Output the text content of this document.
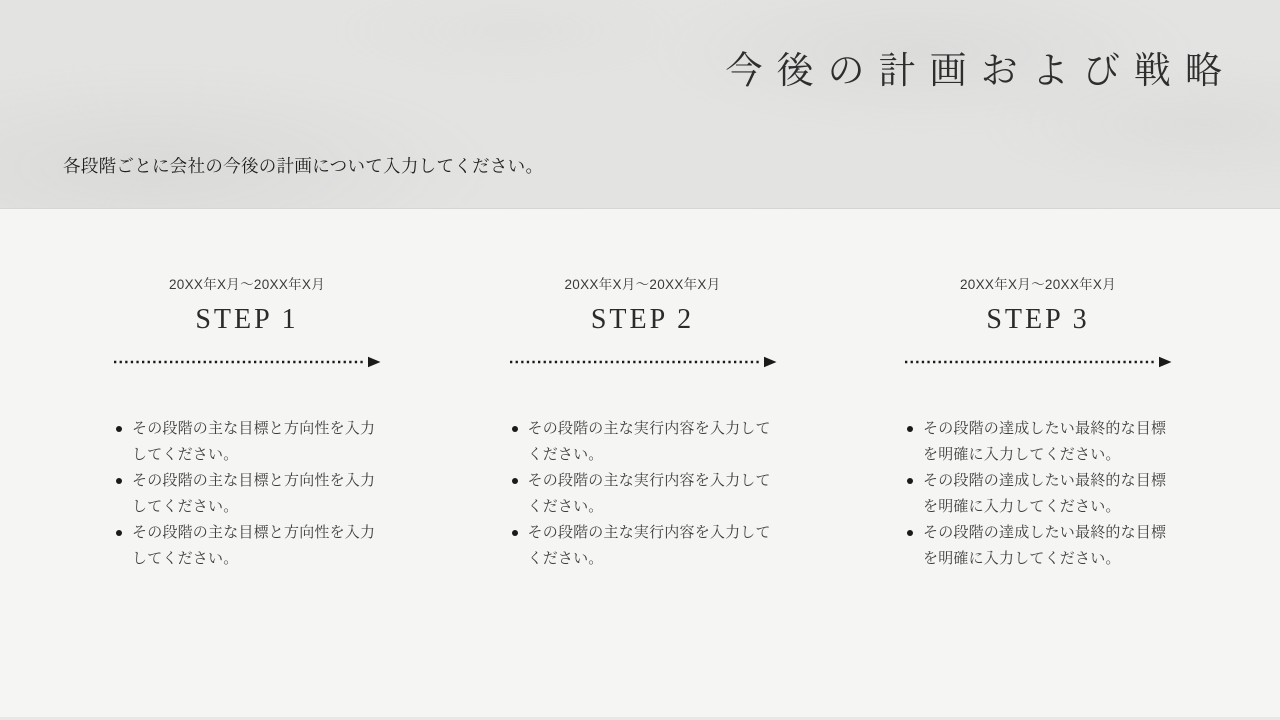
今後の計画および戦略

各段階ごとに会社の今後の計画について入力してください。

20XX年X月〜20XX年X月
STEP 1
その段階の主な目標と方向性を入力してください。
その段階の主な目標と方向性を入力してください。
その段階の主な目標と方向性を入力してください。
20XX年X月〜20XX年X月
STEP 2
その段階の主な実行内容を入力してください。
その段階の主な実行内容を入力してください。
その段階の主な実行内容を入力してください。
20XX年X月〜20XX年X月
STEP 3
その段階の達成したい最終的な目標を明確に入力してください。
その段階の達成したい最終的な目標を明確に入力してください。
その段階の達成したい最終的な目標を明確に入力してください。
